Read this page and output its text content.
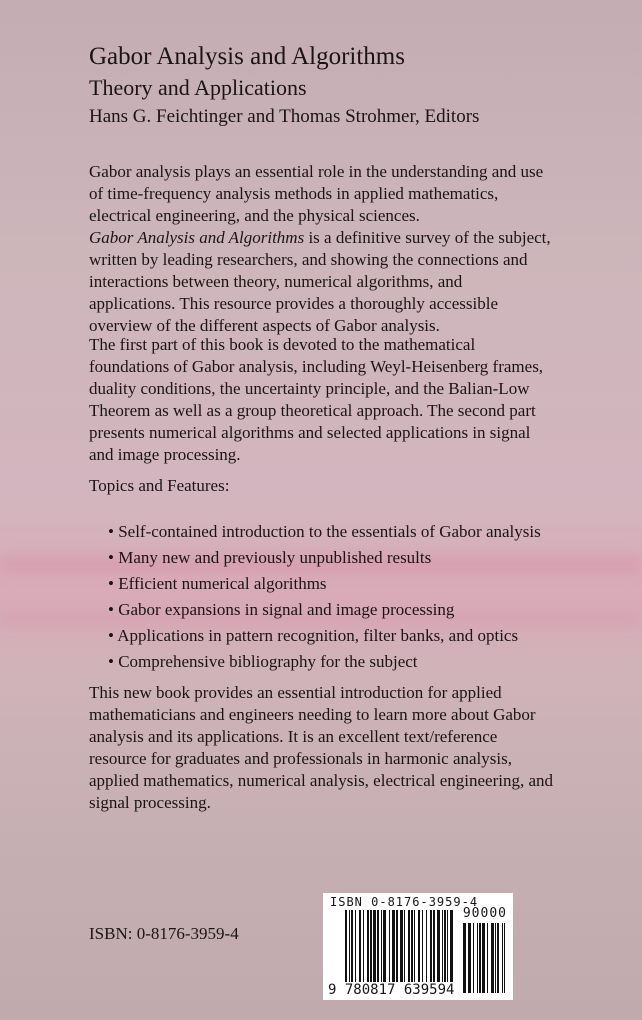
Gabor Analysis and Algorithms
Theory and Applications
Hans G. Feichtinger and Thomas Strohmer, Editors
Gabor analysis plays an essential role in the understanding and use
of time-frequency analysis methods in applied mathematics,
electrical engineering, and the physical sciences.
Gabor Analysis and Algorithms is a definitive survey of the subject,
written by leading researchers, and showing the connections and
interactions between theory, numerical algorithms, and
applications. This resource provides a thoroughly accessible
overview of the different aspects of Gabor analysis.
The first part of this book is devoted to the mathematical
foundations of Gabor analysis, including Weyl-Heisenberg frames,
duality conditions, the uncertainty principle, and the Balian-Low
Theorem as well as a group theoretical approach. The second part
presents numerical algorithms and selected applications in signal
and image processing.
Topics and Features:
• Self-contained introduction to the essentials of Gabor analysis
• Many new and previously unpublished results
• Efficient numerical algorithms
• Gabor expansions in signal and image processing
• Applications in pattern recognition, filter banks, and optics
• Comprehensive bibliography for the subject
This new book provides an essential introduction for applied
mathematicians and engineers needing to learn more about Gabor
analysis and its applications. It is an excellent text/reference
resource for graduates and professionals in harmonic analysis,
applied mathematics, numerical analysis, electrical engineering, and
signal processing.
ISBN: 0-8176-3959-4
ISBN 0-8176-3959-4
90000
9 780817 639594
